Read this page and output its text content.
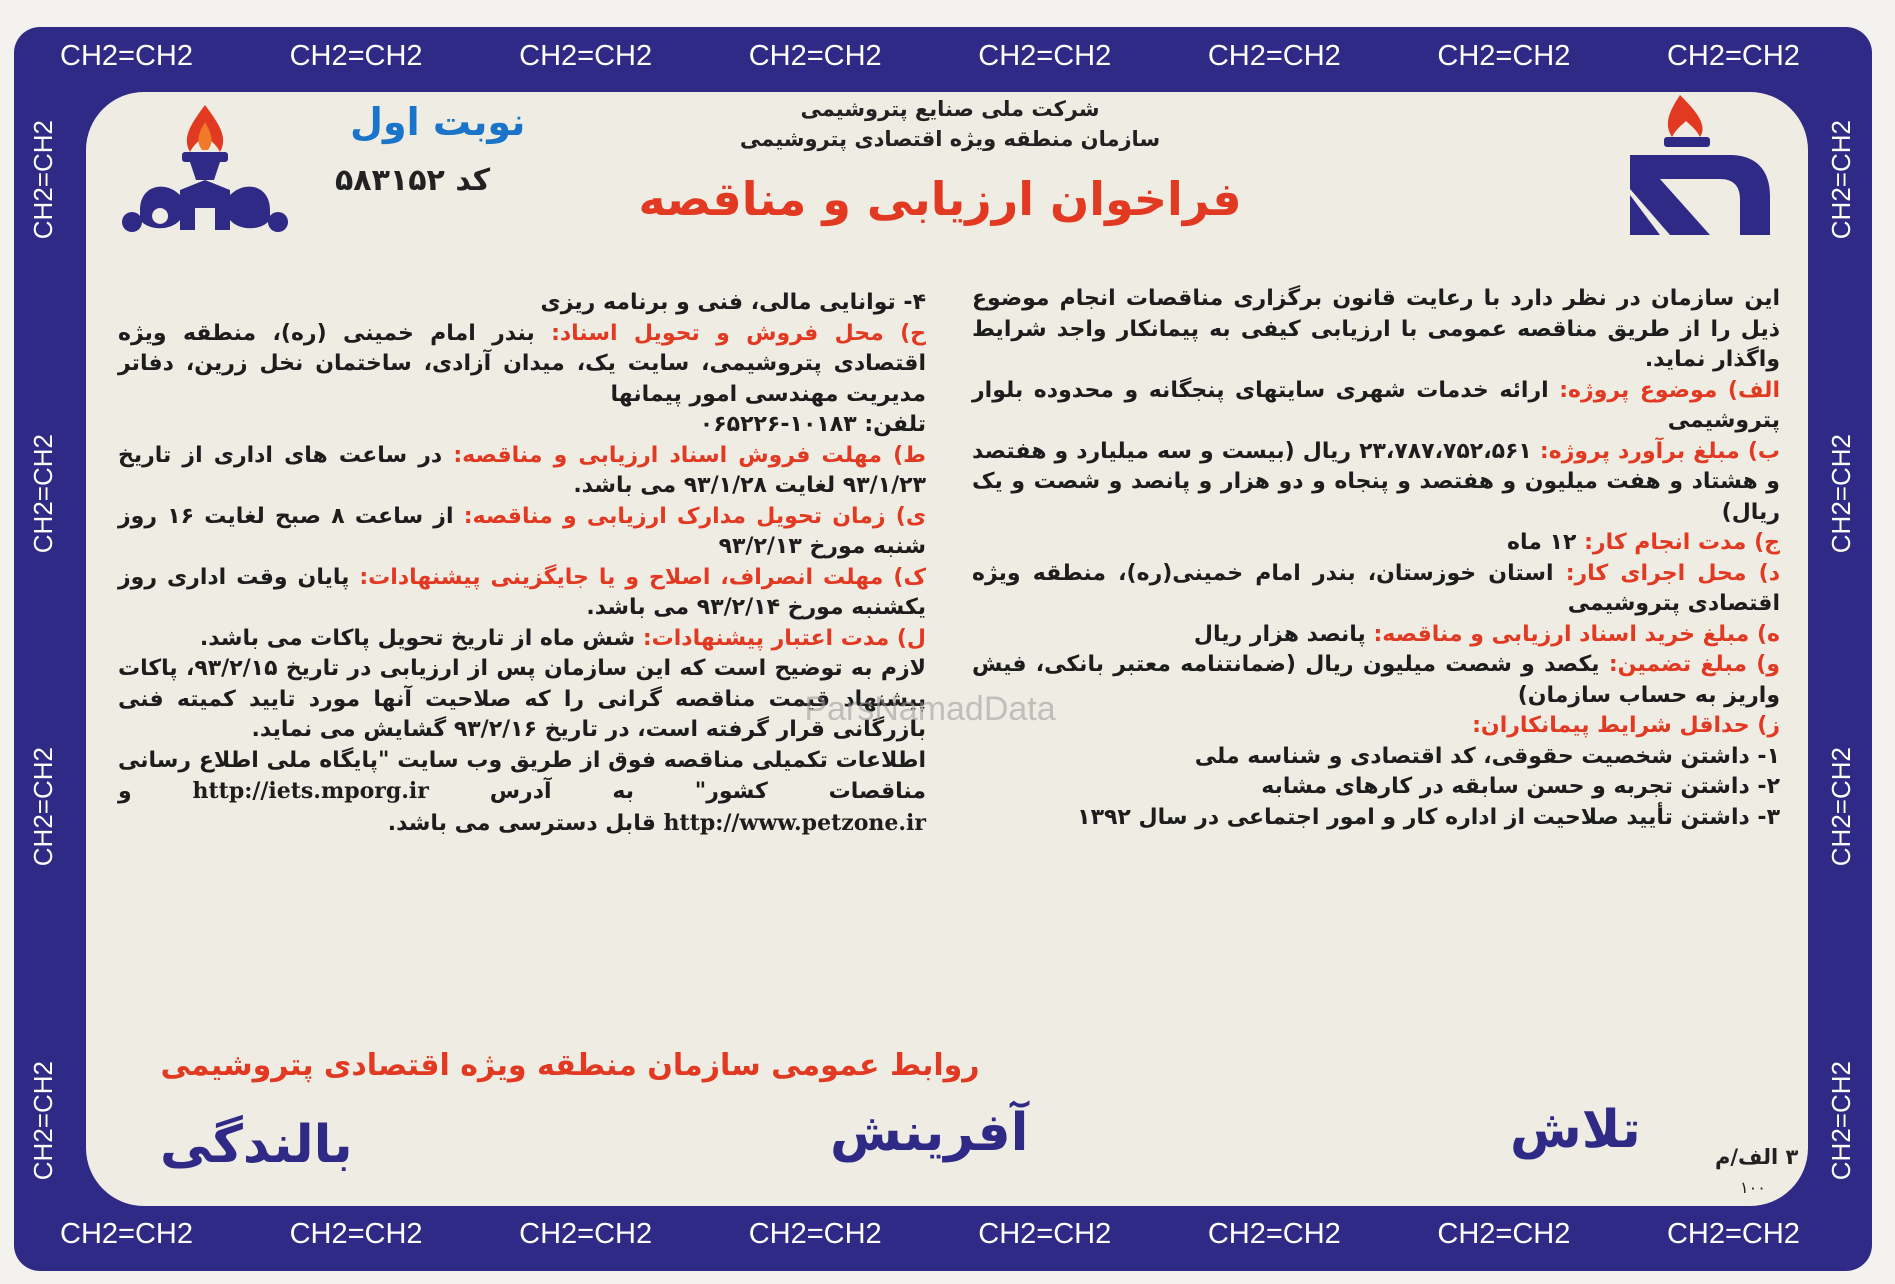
CH2=CH2	CH2=CH2	CH2=CH2	CH2=CH2	CH2=CH2	CH2=CH2	CH2=CH2	CH2=CH2
CH2=CH2	CH2=CH2	CH2=CH2	CH2=CH2	CH2=CH2	CH2=CH2	CH2=CH2	CH2=CH2
CH2=CH2
CH2=CH2
CH2=CH2
CH2=CH2
CH2=CH2
CH2=CH2
CH2=CH2
CH2=CH2
شرکت ملی صنایع پتروشیمی
سازمان منطقه ویژه اقتصادی پتروشیمی
فراخوان ارزیابی و مناقصه
نوبت اول
کد ۵۸۳۱۵۲

این سازمان در نظر دارد با رعایت قانون برگزاری مناقصات انجام موضوع ذیل را از طریق مناقصه عمومی با ارزیابی کیفی به پیمانکار واجد شرایط واگذار نماید.

الف) موضوع پروژه: ارائه خدمات شهری سایتهای پنجگانه و محدوده بلوار پتروشیمی

ب) مبلغ برآورد پروژه: ۲۳،۷۸۷،۷۵۲،۵۶۱ ریال (بیست و سه میلیارد و هفتصد و هشتاد و هفت میلیون و هفتصد و پنجاه و دو هزار و پانصد و شصت و یک ریال)

ج) مدت انجام کار: ۱۲ ماه

د) محل اجرای کار: استان خوزستان، بندر امام خمینی(ره)، منطقه ویژه اقتصادی پتروشیمی

ه) مبلغ خرید اسناد ارزیابی و مناقصه: پانصد هزار ریال

و) مبلغ تضمین: یکصد و شصت میلیون ریال (ضمانتنامه معتبر بانکی، فیش واریز به حساب سازمان)

ز) حداقل شرایط پیمانکاران:

۱- داشتن شخصیت حقوقی، کد اقتصادی و شناسه ملی

۲- داشتن تجربه و حسن سابقه در کارهای مشابه

۳- داشتن تأیید صلاحیت از اداره کار و امور اجتماعی در سال ۱۳۹۲

۴- توانایی مالی، فنی و برنامه ریزی

ح) محل فروش و تحویل اسناد: بندر امام خمینی (ره)، منطقه ویژه اقتصادی پتروشیمی، سایت یک، میدان آزادی، ساختمان نخل زرین، دفاتر مدیریت مهندسی امور پیمانها

تلفن: ۱۰۱۸۳-۰۶۵۲۲۶

ط) مهلت فروش اسناد ارزیابی و مناقصه: در ساعت های اداری از تاریخ ۹۳/۱/۲۳ لغایت ۹۳/۱/۲۸ می باشد.

ی) زمان تحویل مدارک ارزیابی و مناقصه: از ساعت ۸ صبح لغایت ۱۶ روز شنبه مورخ ۹۳/۲/۱۳

ک) مهلت انصراف، اصلاح و یا جایگزینی پیشنهادات: پایان وقت اداری روز یکشنبه مورخ ۹۳/۲/۱۴ می باشد.

ل) مدت اعتبار پیشنهادات: شش ماه از تاریخ تحویل پاکات می باشد.

لازم به توضیح است که این سازمان پس از ارزیابی در تاریخ ۹۳/۲/۱۵، پاکات پیشنهاد قیمت مناقصه گرانی را که صلاحیت آنها مورد تایید کمیته فنی بازرگانی قرار گرفته است، در تاریخ ۹۳/۲/۱۶ گشایش می نماید.

اطلاعات تکمیلی مناقصه فوق از طریق وب سایت "پایگاه ملی اطلاع رسانی مناقصات کشور" به آدرس http://iets.mporg.ir و http://www.petzone.ir قابل دسترسی می باشد.

ParsNamadData
روابط عمومی سازمان منطقه ویژه اقتصادی پتروشیمی
تلاش
آفرینش
بالندگی	۳ الف/م
۱۰۰
